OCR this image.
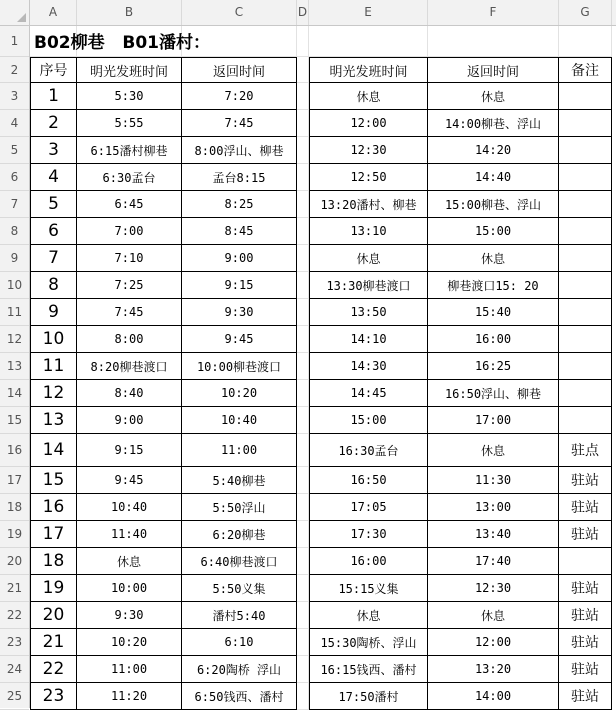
A	B	C	D	E	F	G
1
2
3
4
5
6
7
8
9
10
11
12
13
14
15
16
17
18
19
20
21
22
23
24
25
序号	明光发班时间	返回时间	明光发班时间	返回时间	备注
1	5:30	7:20	休息	休息
2	5:55	7:45	12:00	14:00柳巷、浮山
3	6:15潘村柳巷	8:00浮山、柳巷	12:30	14:20
4	6:30孟台	孟台8:15	12:50	14:40
5	6:45	8:25	13:20潘村、柳巷	15:00柳巷、浮山
6	7:00	8:45	13:10	15:00
7	7:10	9:00	休息	休息
8	7:25	9:15	13:30柳巷渡口	柳巷渡口15: 20
9	7:45	9:30	13:50	15:40
10	8:00	9:45	14:10	16:00
11	8:20柳巷渡口	10:00柳巷渡口	14:30	16:25
12	8:40	10:20	14:45	16:50浮山、柳巷
13	9:00	10:40	15:00	17:00
14	9:15	11:00	16:30孟台	休息	驻点
15	9:45	5:40柳巷	16:50	11:30	驻站
16	10:40	5:50浮山	17:05	13:00	驻站
17	11:40	6:20柳巷	17:30	13:40	驻站
18	休息	6:40柳巷渡口	16:00	17:40
19	10:00	5:50义集	15:15义集	12:30	驻站
20	9:30	潘村5:40	休息	休息	驻站
21	10:20	6:10	15:30陶桥、浮山	12:00	驻站
22	11:00	6:20陶桥 浮山	16:15钱西、潘村	13:20	驻站
23	11:20	6:50钱西、潘村	17:50潘村	14:00	驻站
B02柳巷   B01潘村：
